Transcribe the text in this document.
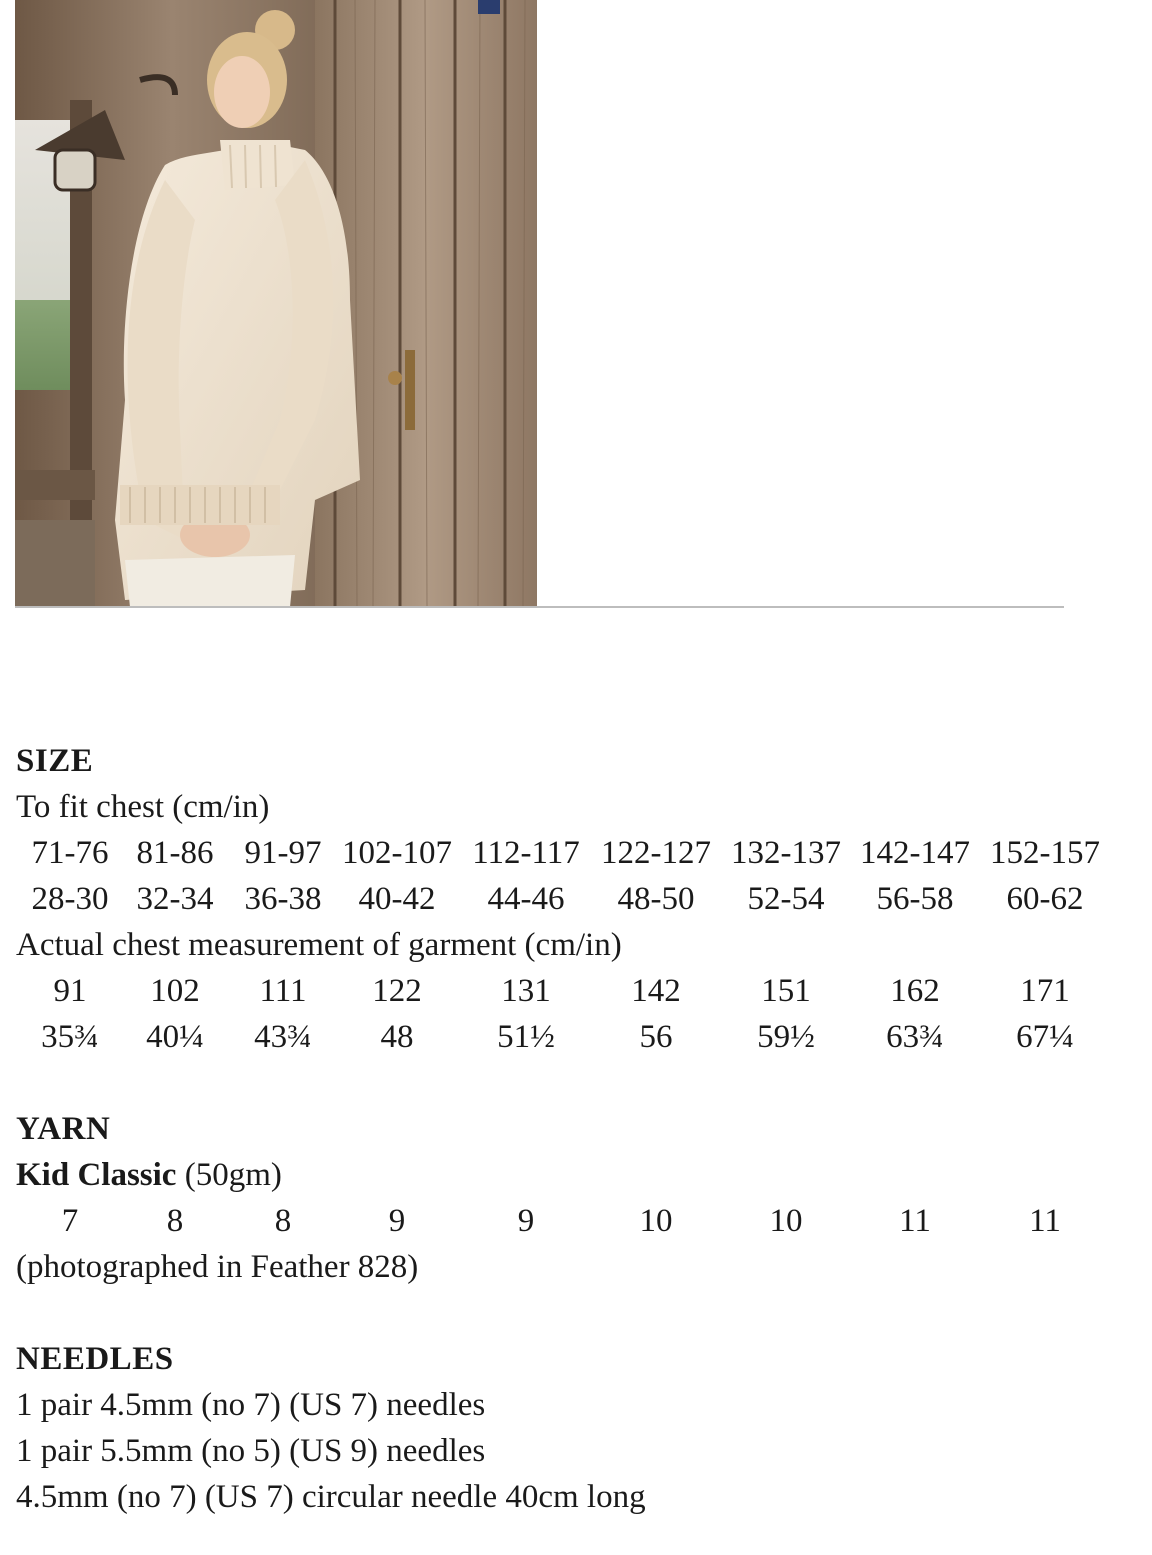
SIZE
To fit chest (cm/in)
71-76 81-86 91-97 102-107 112-117 122-127 132-137 142-147 152-157
28-30 32-34 36-38	40-42	44-46	48-50	52-54	56-58	60-62
Actual chest measurement of garment (cm/in)
91	102	111	122	131	142	151	162	171
35¾	40¼	43¾	48	51½	56	59½	63¾	67¼
YARN
Kid Classic (50gm)
7	8	8	9	9	10	10	11	11
(photographed in Feather 828)
NEEDLES
1 pair 4.5mm (no 7) (US 7) needles
1 pair 5.5mm (no 5) (US 9) needles
4.5mm (no 7) (US 7) circular needle 40cm long
